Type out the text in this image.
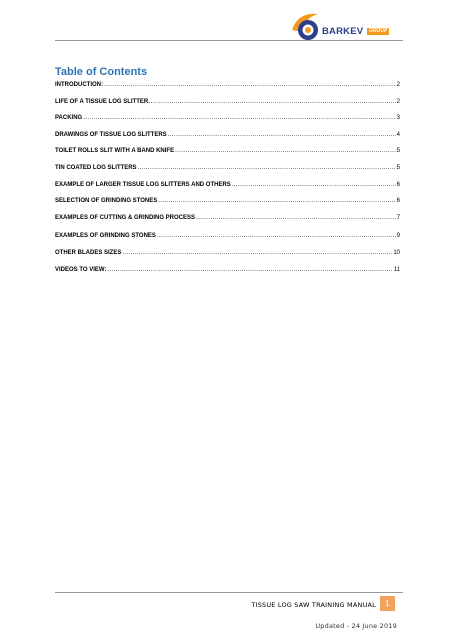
BARKEV	GROUP
Table of Contents
INTRODUCTION: .....	2
LIFE OF A TISSUE LOG SLITTER. .....	2
PACKING .....	3
DRAWINGS OF TISSUE LOG SLITTERS .....	4
TOILET ROLLS SLIT WITH A BAND KNIFE .....	5
TIN COATED LOG SLITTERS .....	5
EXAMPLE OF LARGER TISSUE LOG SLITTERS AND OTHERS .....	6
SELECTION OF GRINDING STONES .....	6
EXAMPLES OF CUTTING & GRINDING PROCESS .....	7
EXAMPLES OF GRINDING STONES .....	9
OTHER BLADES SIZES .....	10
VIDEOS TO VIEW: .....	11
TISSUE LOG SAW TRAINING MANUAL	1
Updated - 24 June 2019
